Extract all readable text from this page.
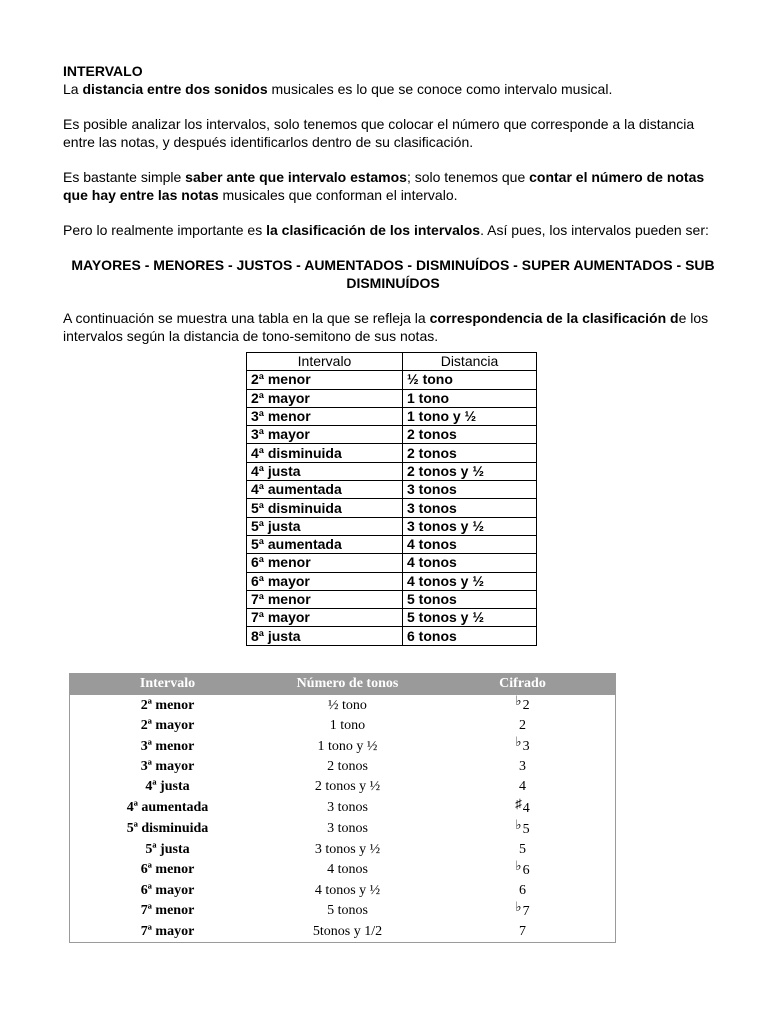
INTERVALO

La distancia entre dos sonidos musicales es lo que se conoce como intervalo musical.

Es posible analizar los intervalos, solo tenemos que colocar el número que corresponde a la distancia entre las notas, y después identificarlos dentro de su clasificación.

Es bastante simple saber ante que intervalo estamos; solo tenemos que contar el número de notas que hay entre las notas musicales que conforman el intervalo.

Pero lo realmente importante es la clasificación de los intervalos. Así pues, los intervalos pueden ser:

MAYORES - MENORES - JUSTOS - AUMENTADOS - DISMINUÍDOS - SUPER AUMENTADOS - SUB DISMINUÍDOS

A continuación se muestra una tabla en la que se refleja la correspondencia de la clasificación de los intervalos según la distancia de tono-semitono de sus notas.

Intervalo	Distancia
2ª menor	½ tono
2ª mayor	1 tono
3ª menor	1 tono y ½
3ª mayor	2 tonos
4ª disminuida	2 tonos
4ª justa	2 tonos y ½
4ª aumentada	3 tonos
5ª disminuida	3 tonos
5ª justa	3 tonos y ½
5ª aumentada	4 tonos
6ª menor	4 tonos
6ª mayor	4 tonos y ½
7ª menor	5 tonos
7ª mayor	5 tonos y ½
8ª justa	6 tonos
Intervalo	Número de tonos	Cifrado
2ª menor	½ tono	♭2
2ª mayor	1 tono	2
3ª menor	1 tono y ½	♭3
3ª mayor	2 tonos	3
4ª justa	2 tonos y ½	4
4ª aumentada	3 tonos	♯4
5ª disminuida	3 tonos	♭5
5ª justa	3 tonos y ½	5
6ª menor	4 tonos	♭6
6ª mayor	4 tonos y ½	6
7ª menor	5 tonos	♭7
7ª mayor	5tonos y 1/2	7
